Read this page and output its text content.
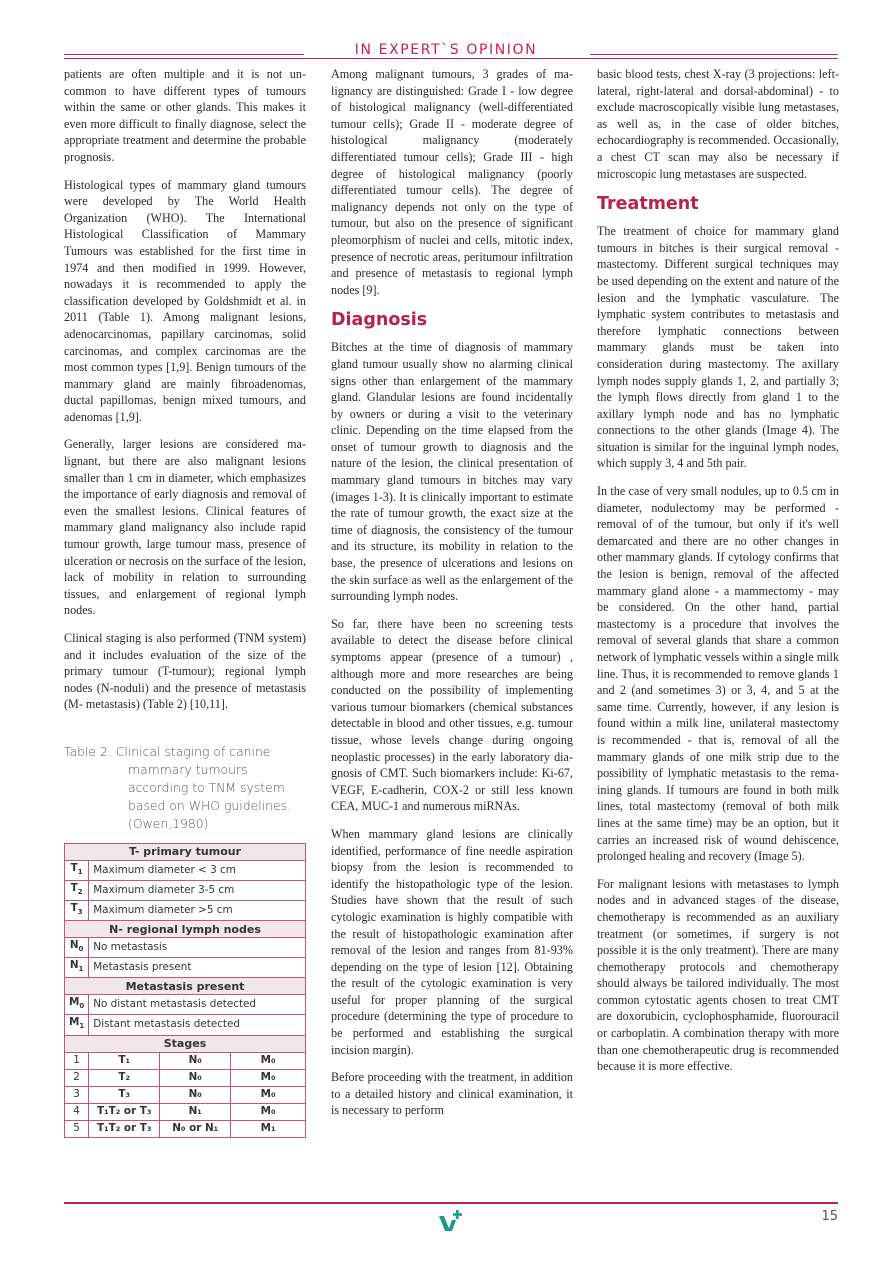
IN EXPERT`S OPINION

patients are often multiple and it is not uncommon to have different types of tumours within the same or other glands. This makes it even more difficult to finally diagnose, select the appropriate treatment and determine the probable prognosis.

Histological types of mammary gland tumours were developed by The World Health Organization (WHO). The International Histological Classification of Mammary Tumours was established for the first time in 1974 and then modified in 1999. However, nowadays it is recommended to apply the classification developed by Goldshmidt et al. in 2011 (Table 1). Among malignant lesions, adenocarcinomas, papillary carcinomas, solid carcinomas, and complex carcinomas are the most common types [1,9]. Benign tumours of the mammary gland are mainly fibroadenomas, ductal papillomas, benign mixed tumours, and adenomas [1,9].

Generally, larger lesions are considered malignant, but there are also malignant lesions smaller than 1 cm in diameter, which emphasizes the importance of early diagnosis and removal of even the smallest lesions. Clinical features of mammary gland malignancy also include rapid tumour growth, large tumour mass, presence of ulceration or necrosis on the surface of the lesion, lack of mobility in relation to surrounding tissues, and enlargement of regional lymph nodes.

Clinical staging is also performed (TNM system) and it includes evaluation of the size of the primary tumour (T-tumour); regional lymph nodes (N-noduli) and the presence of metastasis (M- metastasis) (Table 2) [10,11].

Table 2. Clinical staging of canine
mammary tumours
according to TNM system
based on WHO guidelines.
(Owen,1980)
T- primary tumour			
$T_1$	Maximum diameter < 3 cm		
$T_2$	Maximum diameter 3-5 cm		
$T_3$	Maximum diameter >5 cm		
N- regional lymph nodes			
$N_0$	No metastasis		
$N_1$	Metastasis present		
Metastasis present			
$M_0$	No distant metastasis detected		
$M_1$	Distant metastasis detected		
Stages			
1	T₁	N₀	M₀
2	T₂	N₀	M₀
3	T₃	N₀	M₀
4	T₁T₂ or T₃	N₁	M₀
5	T₁T₂ or T₃	N₀ or N₁	M₁

Among malignant tumours, 3 grades of malignancy are distinguished: Grade I - low degree of histological malignancy (well-differentiated tumour cells); Grade II - moderate degree of histological malignancy (moderately differentiated tumour cells); Grade III - high degree of histological malignancy (poorly differentiated tumour cells). The degree of malignancy depends not only on the type of tumour, but also on the presence of significant pleomorphism of nuclei and cells, mitotic index, presence of necrotic areas, peritumour infiltration and presence of metastasis to regional lymph nodes [9].

Diagnosis

Bitches at the time of diagnosis of mammary gland tumour usually show no alarming clinical signs other than enlargement of the mammary gland. Glandular lesions are found incidentally by owners or during a visit to the veterinary clinic. Depending on the time elapsed from the onset of tumour growth to diagnosis and the nature of the lesion, the clinical presentation of mammary gland tumours in bitches may vary (images 1-3). It is clinically important to estimate the rate of tumour growth, the exact size at the time of diagnosis, the consistency of the tumour and its structure, its mobility in relation to the base, the presence of ulcerations and lesions on the skin surface as well as the enlargement of the surrounding lymph nodes.

So far, there have been no screening tests available to detect the disease before clinical symptoms appear (presence of a tumour) , although more and more researches are being conducted on the possibility of implementing various tumour biomarkers (chemical substances detectable in blood and other tissues, e.g. tumour tissue, whose levels change during ongoing neoplastic processes) in the early laboratory diagnosis of CMT. Such biomarkers include: Ki-67, VEGF, E-cadherin, COX-2 or still less known CEA, MUC-1 and numerous miRNAs.

When mammary gland lesions are clinically identified, performance of fine needle aspiration biopsy from the lesion is recommended to identify the histopathologic type of the lesion. Studies have shown that the result of such cytologic examination is highly compatible with the result of histopathologic examination after removal of the lesion and ranges from 81-93% depending on the type of lesion [12]. Obtaining the result of the cytologic examination is very useful for proper planning of the surgical procedure (determining the type of procedure to be performed and establishing the surgical incision margin).

Before proceeding with the treatment, in addition to a detailed history and clinical examination, it is necessary to perform

basic blood tests, chest X-ray (3 projections: left-lateral, right-lateral and dorsal-abdominal) - to exclude macroscopically visible lung metastases, as well as, in the case of older bitches, echocardiography is recommended. Occasionally, a chest CT scan may also be necessary if microscopic lung metastases are suspected.

Treatment

The treatment of choice for mammary gland tumours in bitches is their surgical removal - mastectomy. Different surgical techniques may be used depending on the extent and nature of the lesion and the lymphatic vasculature. The lymphatic system contributes to metastasis and therefore lymphatic connections between mammary glands must be taken into consideration during mastectomy. The axillary lymph nodes supply glands 1, 2, and partially 3; the lymph flows directly from gland 1 to the axillary lymph node and has no lymphatic connections to the other glands (Image 4). The situation is similar for the inguinal lymph nodes, which supply 3, 4 and 5th pair.

In the case of very small nodules, up to 0.5 cm in diameter, nodulectomy may be performed - removal of of the tumour, but only if it's well demarcated and there are no other changes in other mammary glands. If cytology confirms that the lesion is benign, removal of the affected mammary gland alone - a mammectomy - may be considered. On the other hand, partial mastectomy is a procedure that involves the removal of several glands that share a common network of lymphatic vessels within a single milk line. Thus, it is recommended to remove glands 1 and 2 (and sometimes 3) or 3, 4, and 5 at the same time. Currently, however, if any lesion is found within a milk line, unilateral mastectomy is recommended - that is, removal of all the mammary glands of one milk strip due to the possibility of lymphatic metastasis to the remaining glands. If tumours are found in both milk lines, total mastectomy (removal of both milk lines at the same time) may be an option, but it carries an increased risk of wound dehiscence, prolonged healing and recovery (Image 5).

For malignant lesions with metastases to lymph nodes and in advanced stages of the disease, chemotherapy is recommended as an auxiliary treatment (or sometimes, if surgery is not possible it is the only treatment). There are many chemotherapy protocols and chemotherapy should always be tailored individually. The most common cytostatic agents chosen to treat CMT are doxorubicin, cyclophosphamide, fluorouracil or carboplatin. A combination therapy with more than one chemotherapeutic drug is recommended because it is more effective.

15
